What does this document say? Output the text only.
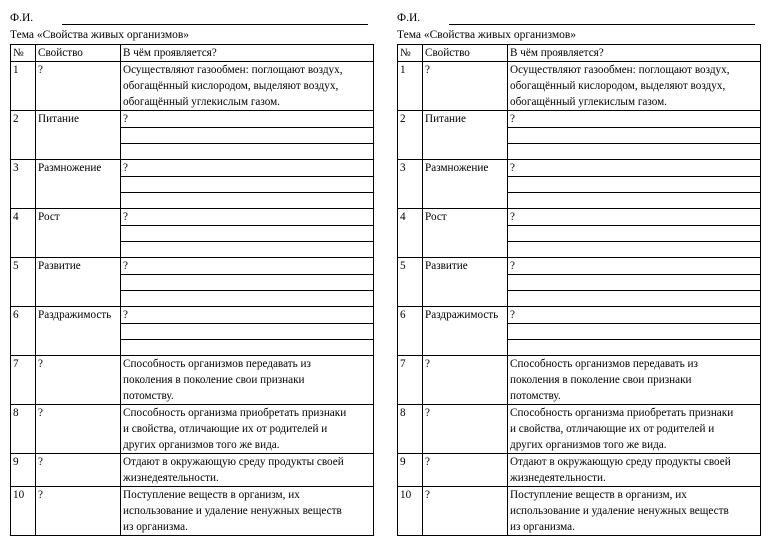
Ф.И.
Тема «Свойства живых организмов»
№	Свойство	В чём проявляется?
1	?	Осуществляют газообмен: поглощают воздух,
обогащённый кислородом, выделяют воздух,
обогащённый углекислым газом.

2	Питание	?

3	Размножение	?

4	Рост	?

5	Развитие	?

6	Раздражимость	?

7	?	Способность организмов передавать из
поколения в поколение свои признаки
потомству.

8	?	Способность организма приобретать признаки
и свойства, отличающие их от родителей и
других организмов того же вида.

9	?	Отдают в окружающую среду продукты своей
жизнедеятельности.

10	?	Поступление веществ в организм, их
использование и удаление ненужных веществ
из организма.
Ф.И.
Тема «Свойства живых организмов»
№	Свойство	В чём проявляется?
1	?	Осуществляют газообмен: поглощают воздух,
обогащённый кислородом, выделяют воздух,
обогащённый углекислым газом.

2	Питание	?

3	Размножение	?

4	Рост	?

5	Развитие	?

6	Раздражимость	?

7	?	Способность организмов передавать из
поколения в поколение свои признаки
потомству.

8	?	Способность организма приобретать признаки
и свойства, отличающие их от родителей и
других организмов того же вида.

9	?	Отдают в окружающую среду продукты своей
жизнедеятельности.

10	?	Поступление веществ в организм, их
использование и удаление ненужных веществ
из организма.
